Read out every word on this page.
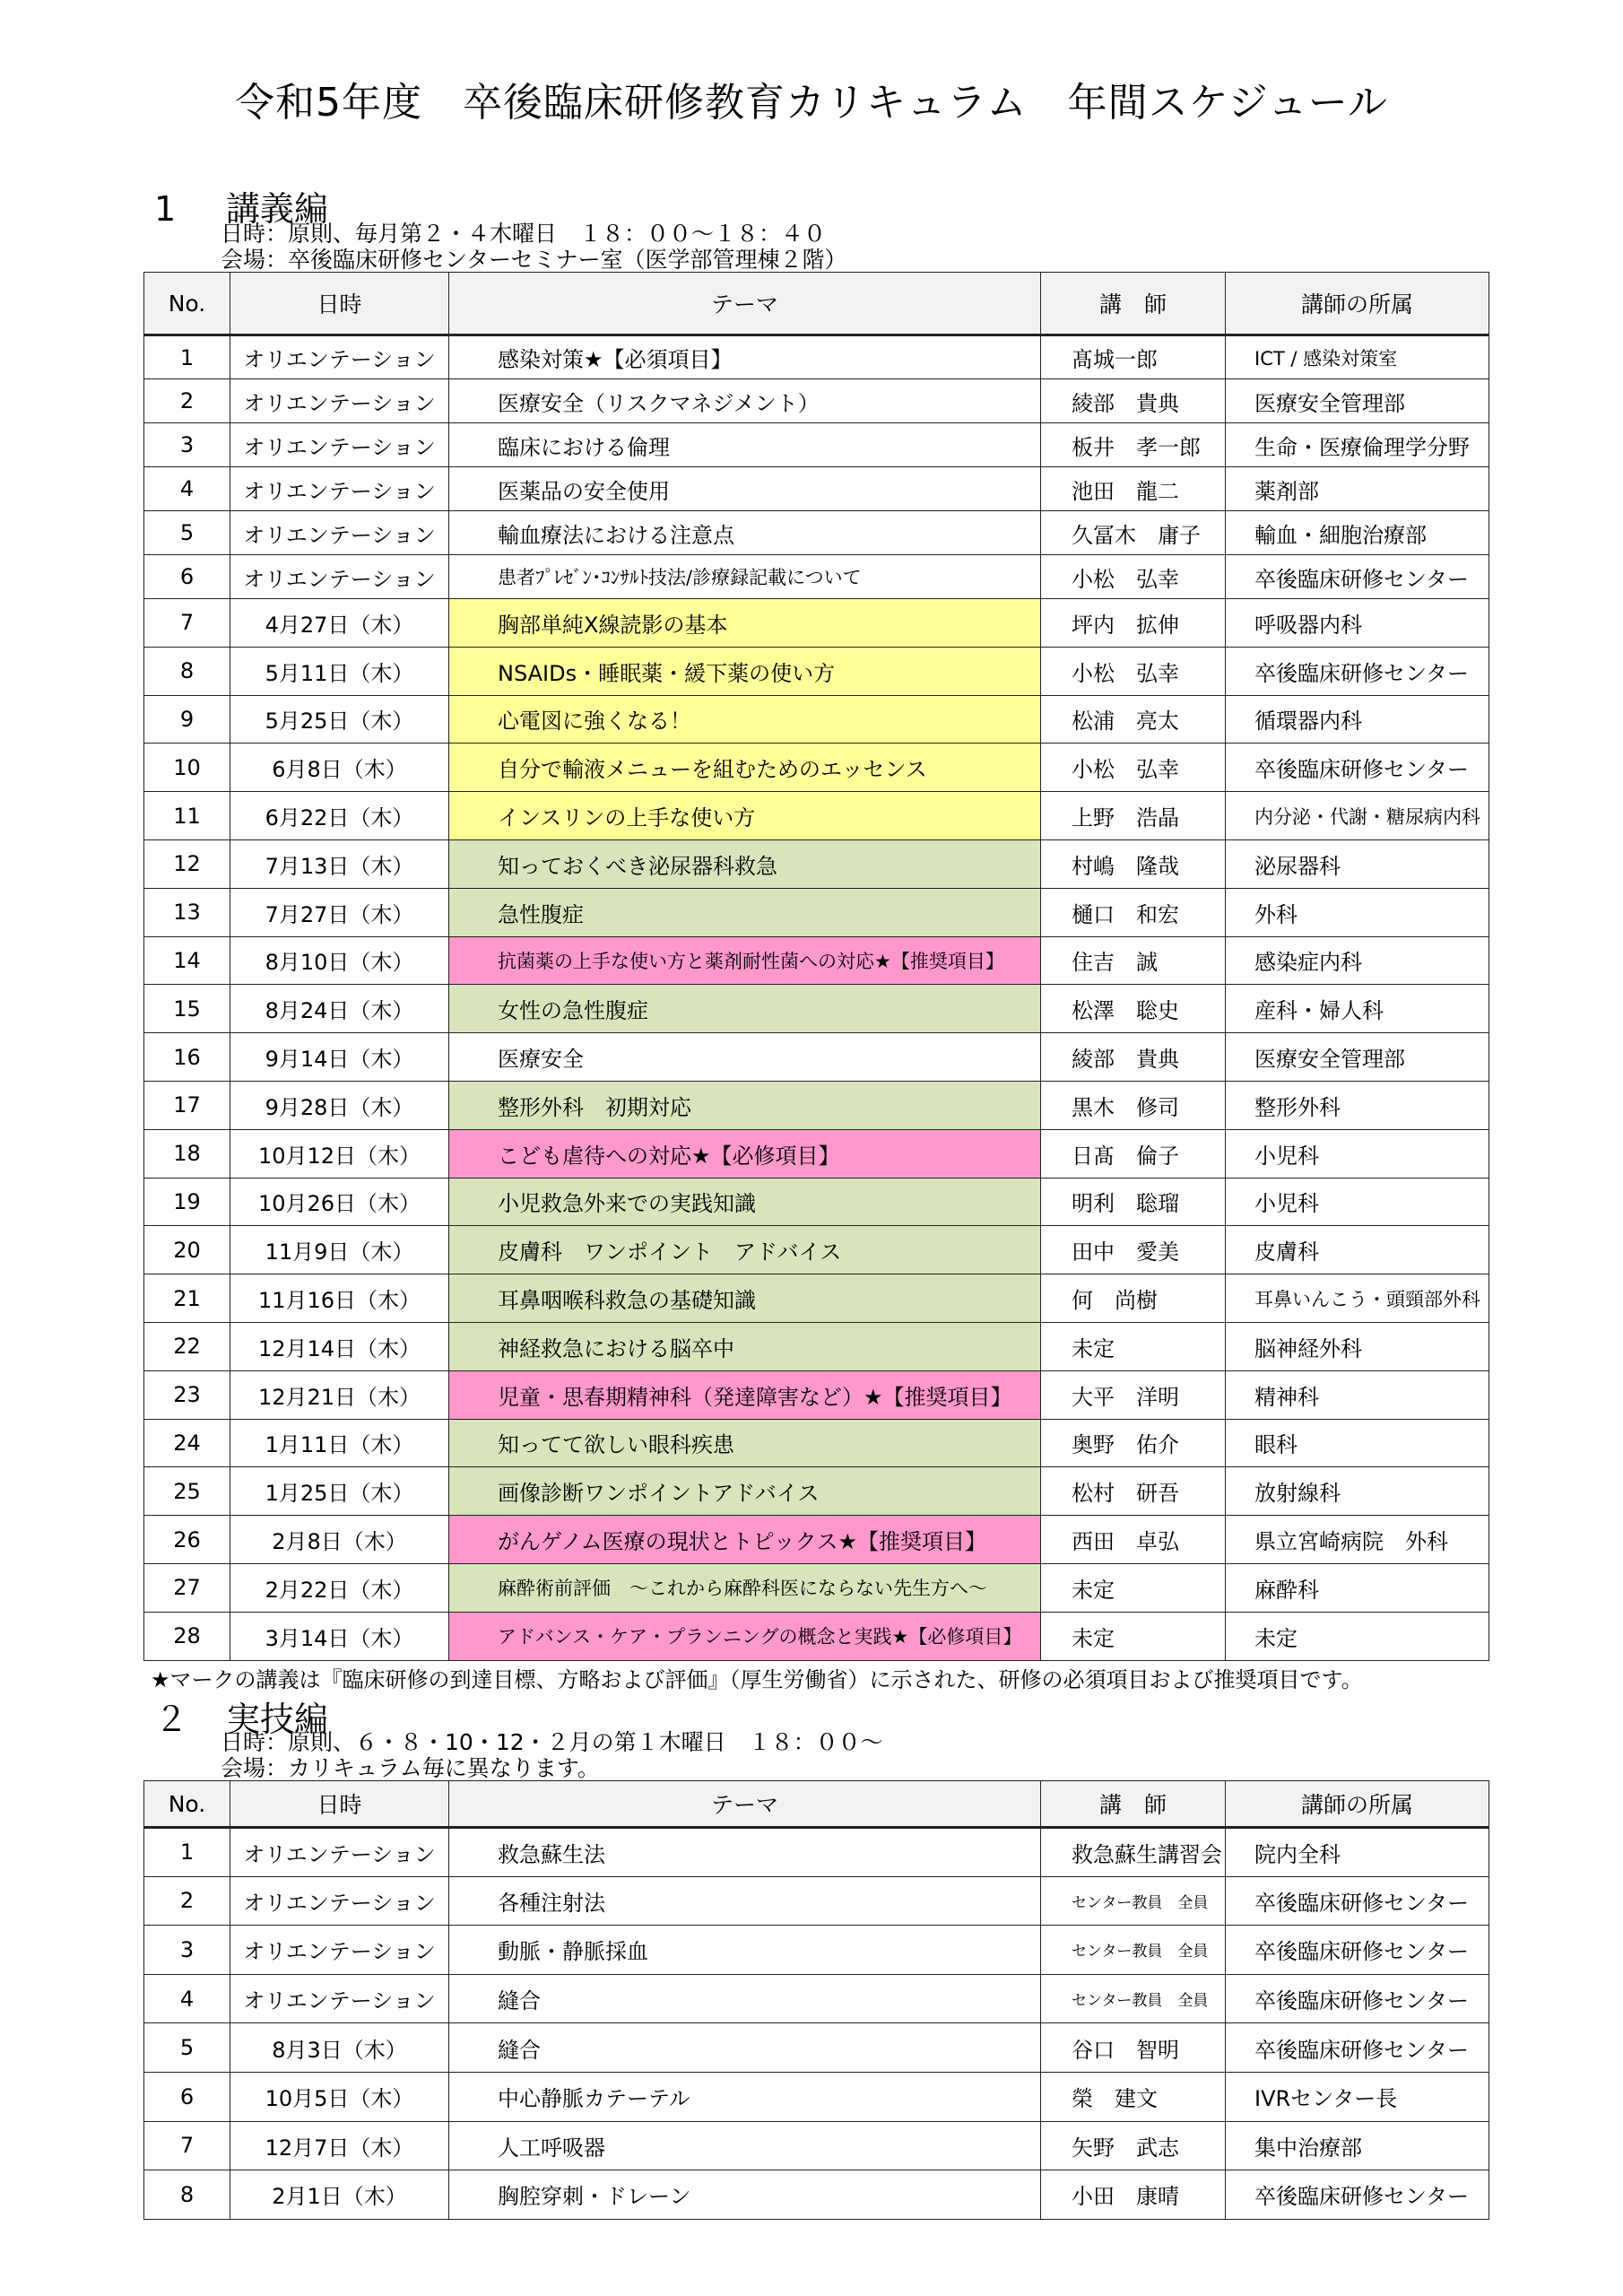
令和5年度　卒後臨床研修教育カリキュラム　年間スケジュール
1 講義編
日時：原則、毎月第２・４木曜日　１８：００～１８：４０
会場：卒後臨床研修センターセミナー室（医学部管理棟２階）
No.	日時	テーマ	講　師	講師の所属
1	オリエンテーション	感染対策★【必須項目】	髙城一郎	ICT / 感染対策室
2	オリエンテーション	医療安全（リスクマネジメント）	綾部　貴典	医療安全管理部
3	オリエンテーション	臨床における倫理	板井　孝一郎	生命・医療倫理学分野
4	オリエンテーション	医薬品の安全使用	池田　龍二	薬剤部
5	オリエンテーション	輸血療法における注意点	久冨木　庸子	輸血・細胞治療部
6	オリエンテーション	患者ﾌﾟﾚｾﾞﾝ･ｺﾝｻﾙﾄ技法/診療録記載について	小松　弘幸	卒後臨床研修センター
7	4月27日（木）	胸部単純X線読影の基本	坪内　拡伸	呼吸器内科
8	5月11日（木）	NSAIDs・睡眠薬・緩下薬の使い方	小松　弘幸	卒後臨床研修センター
9	5月25日（木）	心電図に強くなる！	松浦　亮太	循環器内科
10	6月8日（木）	自分で輸液メニューを組むためのエッセンス	小松　弘幸	卒後臨床研修センター
11	6月22日（木）	インスリンの上手な使い方	上野　浩晶	内分泌・代謝・糖尿病内科
12	7月13日（木）	知っておくべき泌尿器科救急	村嶋　隆哉	泌尿器科
13	7月27日（木）	急性腹症	樋口　和宏	外科
14	8月10日（木）	抗菌薬の上手な使い方と薬剤耐性菌への対応★【推奨項目】	住吉　誠	感染症内科
15	8月24日（木）	女性の急性腹症	松澤　聡史	産科・婦人科
16	9月14日（木）	医療安全	綾部　貴典	医療安全管理部
17	9月28日（木）	整形外科　初期対応	黒木　修司	整形外科
18	10月12日（木）	こども虐待への対応★【必修項目】	日髙　倫子	小児科
19	10月26日（木）	小児救急外来での実践知識	明利　聡瑠	小児科
20	11月9日（木）	皮膚科　ワンポイント　アドバイス	田中　愛美	皮膚科
21	11月16日（木）	耳鼻咽喉科救急の基礎知識	何　尚樹	耳鼻いんこう・頭頸部外科
22	12月14日（木）	神経救急における脳卒中	未定	脳神経外科
23	12月21日（木）	児童・思春期精神科（発達障害など）★【推奨項目】	大平　洋明	精神科
24	1月11日（木）	知ってて欲しい眼科疾患	奥野　佑介	眼科
25	1月25日（木）	画像診断ワンポイントアドバイス	松村　研吾	放射線科
26	2月8日（木）	がんゲノム医療の現状とトピックス★【推奨項目】	西田　卓弘	県立宮崎病院　外科
27	2月22日（木）	麻酔術前評価　～これから麻酔科医にならない先生方へ～	未定	麻酔科
28	3月14日（木）	アドバンス・ケア・プランニングの概念と実践★【必修項目】	未定	未定
★マークの講義は『臨床研修の到達目標、方略および評価』（厚生労働省）に示された、研修の必須項目および推奨項目です。
２ 実技編
日時：原則、６・８・10・12・２月の第１木曜日　１８：００～
会場：カリキュラム毎に異なります。
No.	日時	テーマ	講　師	講師の所属
1	オリエンテーション	救急蘇生法	救急蘇生講習会	院内全科
2	オリエンテーション	各種注射法	センター教員　全員	卒後臨床研修センター
3	オリエンテーション	動脈・静脈採血	センター教員　全員	卒後臨床研修センター
4	オリエンテーション	縫合	センター教員　全員	卒後臨床研修センター
5	8月3日（木）	縫合	谷口　智明	卒後臨床研修センター
6	10月5日（木）	中心静脈カテーテル	榮　建文	IVRセンター長
7	12月7日（木）	人工呼吸器	矢野　武志	集中治療部
8	2月1日（木）	胸腔穿刺・ドレーン	小田　康晴	卒後臨床研修センター
